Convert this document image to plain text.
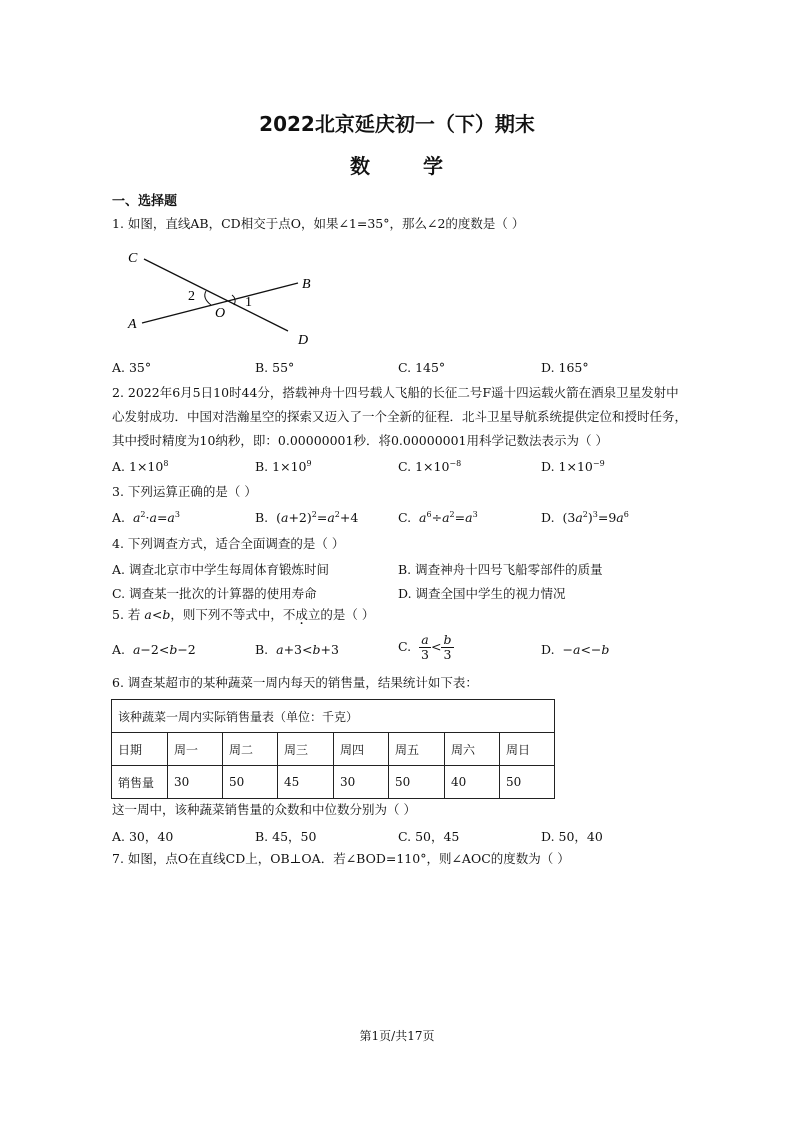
2022北京延庆初一（下）期末
数	学
一、选择题
1. 如图，直线AB，CD相交于点O，如果∠1=35°，那么∠2的度数是（ ）
C
B
A
D
O
1
2
A. 35°	B. 55°	C. 145°	D. 165°
2. 2022年6月5日10时44分，搭载神舟十四号载人飞船的长征二号F遥十四运载火箭在酒泉卫星发射中
心发射成功．中国对浩瀚星空的探索又迈入了一个全新的征程．北斗卫星导航系统提供定位和授时任务，
其中授时精度为10纳秒，即：0.00000001秒．将0.00000001用科学记数法表示为（ ）
A. $1\times 10^8$	B. $1\times 10^9$	C. $1\times 10^{-8}$	D. $1\times 10^{-9}$
3. 下列运算正确的是（ ）
A.  $a^2\cdot a=a^3$	B.  $(a+2)^2=a^2+4$	C.  $a^6\div a^2=a^3$	D.  $(3a^2)^3=9a^6$
4. 下列调查方式，适合全面调查的是（ ）
A. 调查北京市中学生每周体育锻炼时间	B. 调查神舟十四号飞船零部件的质量
C. 调查某一批次的计算器的使用寿命	D. 调查全国中学生的视力情况
5. 若 a<b，则下列不等式中，不成立的是（ ）
A.  a−2<b−2	B.  a+3<b+3	C. $\frac{a}{3} < \frac{b}{3}$	D.  −a<−b
6. 调查某超市的某种蔬菜一周内每天的销售量，结果统计如下表：
该种蔬菜一周内实际销售量表（单位：千克）							
日期	周一	周二	周三	周四	周五	周六	周日
销售量	30	50	45	30	50	40	50
这一周中，该种蔬菜销售量的众数和中位数分别为（ ）
A. 30，40	B. 45，50	C. 50，45	D. 50，40
7. 如图，点O在直线CD上，OB⊥OA．若∠BOD=110°，则∠AOC的度数为（ ）
第1页/共17页
